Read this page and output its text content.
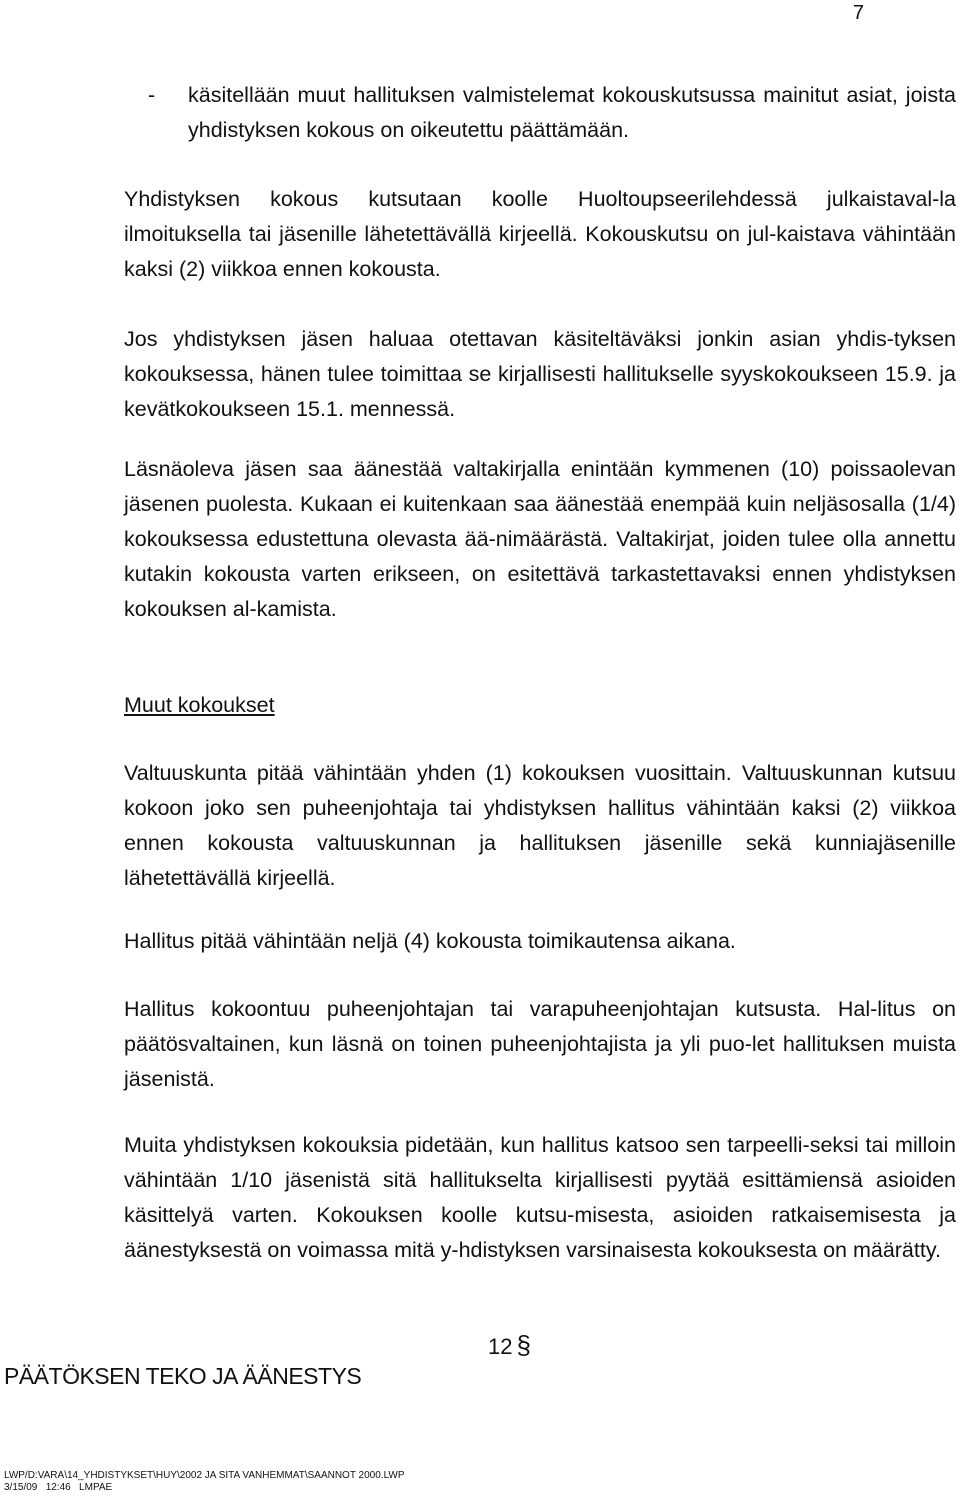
7
- käsitellään muut hallituksen valmistelemat kokouskutsussa mainitut asiat, joista yhdistyksen kokous on oikeutettu päättämään.

Yhdistyksen kokous kutsutaan koolle Huoltoupseerilehdessä julkaistaval-la ilmoituksella tai jäsenille lähetettävällä kirjeellä. Kokouskutsu on jul-kaistava vähintään kaksi (2) viikkoa ennen kokousta.

Jos yhdistyksen jäsen haluaa otettavan käsiteltäväksi jonkin asian yhdis-tyksen kokouksessa, hänen tulee toimittaa se kirjallisesti hallitukselle syyskokoukseen 15.9. ja kevätkokoukseen 15.1. mennessä.

Läsnäoleva jäsen saa äänestää valtakirjalla enintään kymmenen (10) poissaolevan jäsenen puolesta. Kukaan ei kuitenkaan saa äänestää enempää kuin neljäsosalla (1/4) kokouksessa edustettuna olevasta ää-nimäärästä. Valtakirjat, joiden tulee olla annettu kutakin kokousta varten erikseen, on esitettävä tarkastettavaksi ennen yhdistyksen kokouksen al-kamista.

Muut kokoukset

Valtuuskunta pitää vähintään yhden (1) kokouksen vuosittain. Valtuuskunnan kutsuu kokoon joko sen puheenjohtaja tai yhdistyksen hallitus vähintään kaksi (2) viikkoa ennen kokousta valtuuskunnan ja hallituksen jäsenille sekä kunniajäsenille lähetettävällä kirjeellä.

Hallitus pitää vähintään neljä (4) kokousta toimikautensa aikana.

Hallitus kokoontuu puheenjohtajan tai varapuheenjohtajan kutsusta. Hal-litus on päätösvaltainen, kun läsnä on toinen puheenjohtajista ja yli puo-let hallituksen muista jäsenistä.

Muita yhdistyksen kokouksia pidetään, kun hallitus katsoo sen tarpeelli-seksi tai milloin vähintään 1/10 jäsenistä sitä hallitukselta kirjallisesti pyytää esittämiensä asioiden käsittelyä varten. Kokouksen koolle kutsu-misesta, asioiden ratkaisemisesta ja äänestyksestä on voimassa mitä y-hdistyksen varsinaisesta kokouksesta on määrätty.

12 §
PÄÄTÖKSEN TEKO JA ÄÄNESTYS
LWP/D:VARA\14_YHDISTYKSET\HUY\2002 JA SITA VANHEMMAT\SAANNOT 2000.LWP
3/15/09   12:46   LMPAE
